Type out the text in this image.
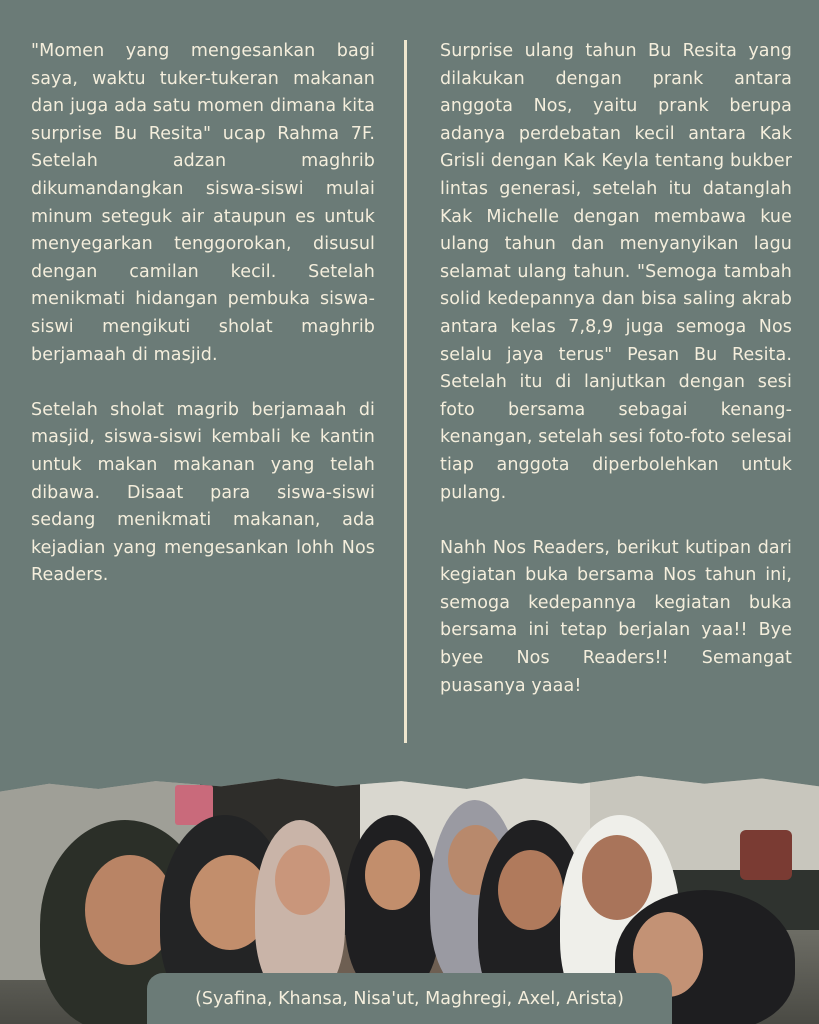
"Momen yang mengesankan bagi saya, waktu tuker-tukeran makanan dan juga ada satu momen dimana kita surprise Bu Resita" ucap Rahma 7F. Setelah adzan maghrib dikumandangkan siswa-siswi mulai minum seteguk air ataupun es untuk menyegarkan tenggorokan, disusul dengan camilan kecil. Setelah menikmati hidangan pembuka siswa-siswi mengikuti sholat maghrib berjamaah di masjid.

Setelah sholat magrib berjamaah di masjid, siswa-siswi kembali ke kantin untuk makan makanan yang telah dibawa. Disaat para siswa-siswi sedang menikmati makanan, ada kejadian yang mengesankan lohh Nos Readers.

Surprise ulang tahun Bu Resita yang dilakukan dengan prank antara anggota Nos, yaitu prank berupa adanya perdebatan kecil antara Kak Grisli dengan Kak Keyla tentang bukber lintas generasi, setelah itu datanglah Kak Michelle dengan membawa kue ulang tahun dan menyanyikan lagu selamat ulang tahun. "Semoga tambah solid kedepannya dan bisa saling akrab antara kelas 7,8,9 juga semoga Nos selalu jaya terus" Pesan Bu Resita. Setelah itu di lanjutkan dengan sesi foto bersama sebagai kenang-kenangan, setelah sesi foto-foto selesai tiap anggota diperbolehkan untuk pulang.

Nahh Nos Readers, berikut kutipan dari kegiatan buka bersama Nos tahun ini, semoga kedepannya kegiatan buka bersama ini tetap berjalan yaa!! Bye byee Nos Readers!! Semangat puasanya yaaa!

(Syafina, Khansa, Nisa'ut, Maghregi, Axel, Arista)
